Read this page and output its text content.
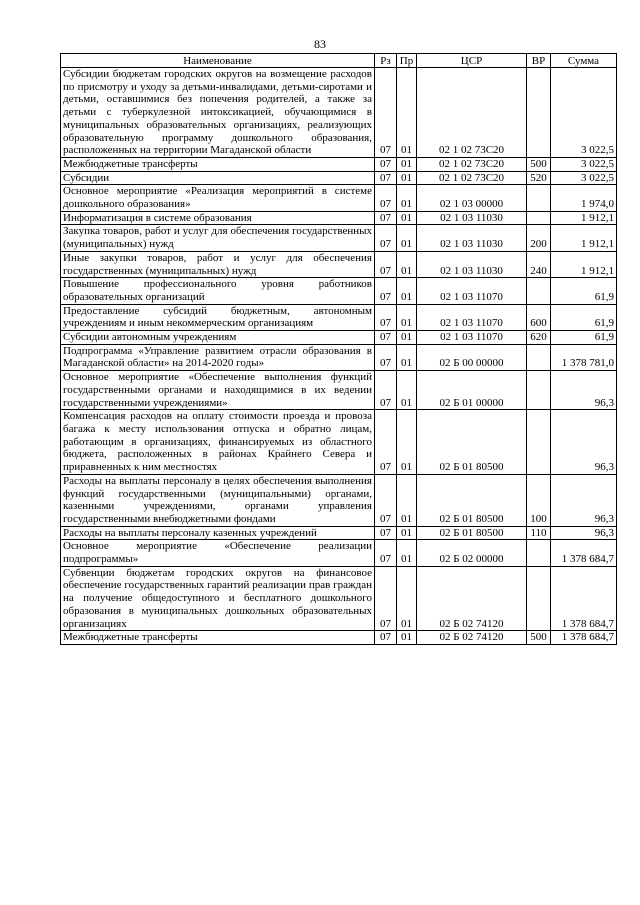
83
Наименование	Рз	Пр	ЦСР	ВР	Сумма
Субсидии бюджетам городских округов на возмещение расходов по присмотру и уходу за детьми-инвалидами, детьми-сиротами и детьми, оставшимися без попечения родителей, а также за детьми с туберкулезной интоксикацией, обучающимися в муниципальных образовательных организациях, реализующих образовательную программу дошкольного образования, расположенных на территории Магаданской области	07	01	02 1 02 73С20		3 022,5
Межбюджетные трансферты	07	01	02 1 02 73С20	500	3 022,5
Субсидии	07	01	02 1 02 73С20	520	3 022,5
Основное мероприятие «Реализация мероприятий в системе дошкольного образования»	07	01	02 1 03 00000		1 974,0
Информатизация в системе образования	07	01	02 1 03 11030		1 912,1
Закупка товаров, работ и услуг для обеспечения государственных (муниципальных) нужд	07	01	02 1 03 11030	200	1 912,1
Иные закупки товаров, работ и услуг для обеспечения государственных (муниципальных) нужд	07	01	02 1 03 11030	240	1 912,1
Повышение профессионального уровня работников образовательных организаций	07	01	02 1 03 11070		61,9
Предоставление субсидий бюджетным, автономным учреждениям и иным некоммерческим организациям	07	01	02 1 03 11070	600	61,9
Субсидии автономным учреждениям	07	01	02 1 03 11070	620	61,9
Подпрограмма «Управление развитием отрасли образования в Магаданской области» на 2014-2020 годы»	07	01	02 Б 00 00000		1 378 781,0
Основное мероприятие «Обеспечение выполнения функций государственными органами и находящимися в их ведении государственными учреждениями»	07	01	02 Б 01 00000		96,3
Компенсация расходов на оплату стоимости проезда и провоза багажа к месту использования отпуска и обратно лицам, работающим в организациях, финансируемых из областного бюджета, расположенных в районах Крайнего Севера и приравненных к ним местностях	07	01	02 Б 01 80500		96,3
Расходы на выплаты персоналу в целях обеспечения выполнения функций государственными (муниципальными) органами, казенными учреждениями, органами управления государственными внебюджетными фондами	07	01	02 Б 01 80500	100	96,3
Расходы на выплаты персоналу казенных учреждений	07	01	02 Б 01 80500	110	96,3
Основное мероприятие «Обеспечение реализации подпрограммы»	07	01	02 Б 02 00000		1 378 684,7
Субвенции бюджетам городских округов на финансовое обеспечение государственных гарантий реализации прав граждан на получение общедоступного и бесплатного дошкольного образования в муниципальных дошкольных образовательных организациях	07	01	02 Б 02 74120		1 378 684,7
Межбюджетные трансферты	07	01	02 Б 02 74120	500	1 378 684,7
